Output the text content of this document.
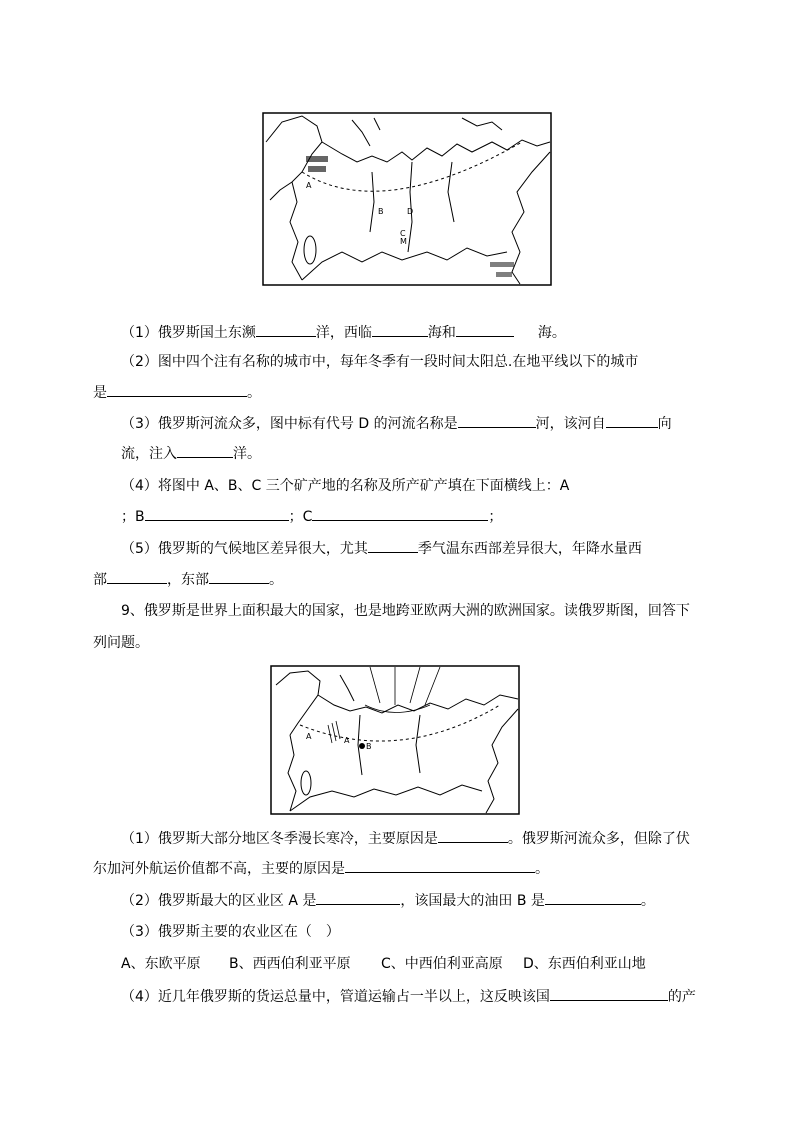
A
B
C
D
M
（1）俄罗斯国土东濒	洋，西临	海和	海。
（2）图中四个注有名称的城市中，每年冬季有一段时间太阳总.在地平线以下的城市
是	。
（3）俄罗斯河流众多，图中标有代号 D 的河流名称是	河，该河自	向
流，注入	洋。
（4）将图中 A、B、C 三个矿产地的名称及所产矿产填在下面横线上：A
；B	；C	；
（5）俄罗斯的气候地区差异很大，尤其	季气温东西部差异很大，年降水量西
部	，东部	。
9、俄罗斯是世界上面积最大的国家，也是地跨亚欧两大洲的欧洲国家。读俄罗斯图，回答下
列问题。
A	A
B
（1）俄罗斯大部分地区冬季漫长寒冷，主要原因是	。俄罗斯河流众多，但除了伏
尔加河外航运价值都不高，主要的原因是	。
（2）俄罗斯最大的区业区 A 是	，该国最大的油田 B 是	。
（3）俄罗斯主要的农业区在（　）
A、东欧平原 B、西西伯利亚平原 C、中西伯利亚高原 D、东西伯利亚山地
（4）近几年俄罗斯的货运总量中，管道运输占一半以上，这反映该国	的产
